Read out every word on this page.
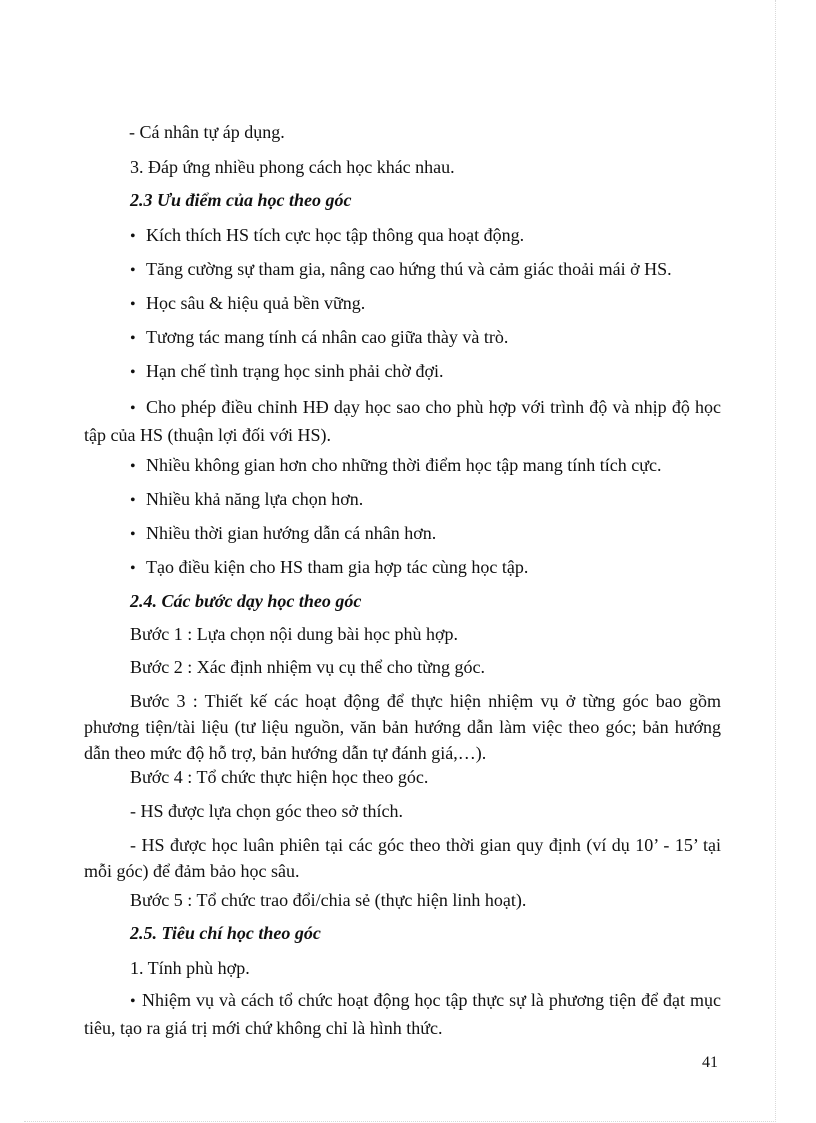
- Cá nhân tự áp dụng.
3. Đáp ứng nhiều phong cách học khác nhau.
2.3 Ưu điểm của học theo góc
• Kích thích HS tích cực học tập thông qua hoạt động.
• Tăng cường sự tham gia, nâng cao hứng thú và cảm giác thoải mái ở HS.
• Học sâu & hiệu quả bền vững.
• Tương tác mang tính cá nhân cao giữa thày và trò.
• Hạn chế tình trạng học sinh phải chờ đợi.
• Cho phép điều chỉnh HĐ dạy học sao cho phù hợp với trình độ và nhịp độ học tập của HS (thuận lợi đối với HS).
• Nhiều không gian hơn cho những thời điểm học tập mang tính tích cực.
• Nhiều khả năng lựa chọn hơn.
• Nhiều thời gian hướng dẫn cá nhân hơn.
• Tạo điều kiện cho HS tham gia hợp tác cùng học tập.
2.4. Các bước dạy học theo góc
Bước 1 : Lựa chọn nội dung bài học phù hợp.
Bước 2 : Xác định nhiệm vụ cụ thể cho từng góc.
Bước 3 : Thiết kế các hoạt động để thực hiện nhiệm vụ ở từng góc bao gồm phương tiện/tài liệu (tư liệu nguồn, văn bản hướng dẫn làm việc theo góc; bản hướng dẫn theo mức độ hỗ trợ, bản hướng dẫn tự đánh giá,…).
Bước 4 : Tổ chức thực hiện học theo góc.
- HS được lựa chọn góc theo sở thích.
- HS được học luân phiên tại các góc theo thời gian quy định (ví dụ 10’ - 15’ tại mỗi góc) để đảm bảo học sâu.
Bước 5 : Tổ chức trao đổi/chia sẻ (thực hiện linh hoạt).
2.5. Tiêu chí học theo góc
1. Tính phù hợp.
• Nhiệm vụ và cách tổ chức hoạt động học tập thực sự là phương tiện để đạt mục tiêu, tạo ra giá trị mới chứ không chỉ là hình thức.
41
